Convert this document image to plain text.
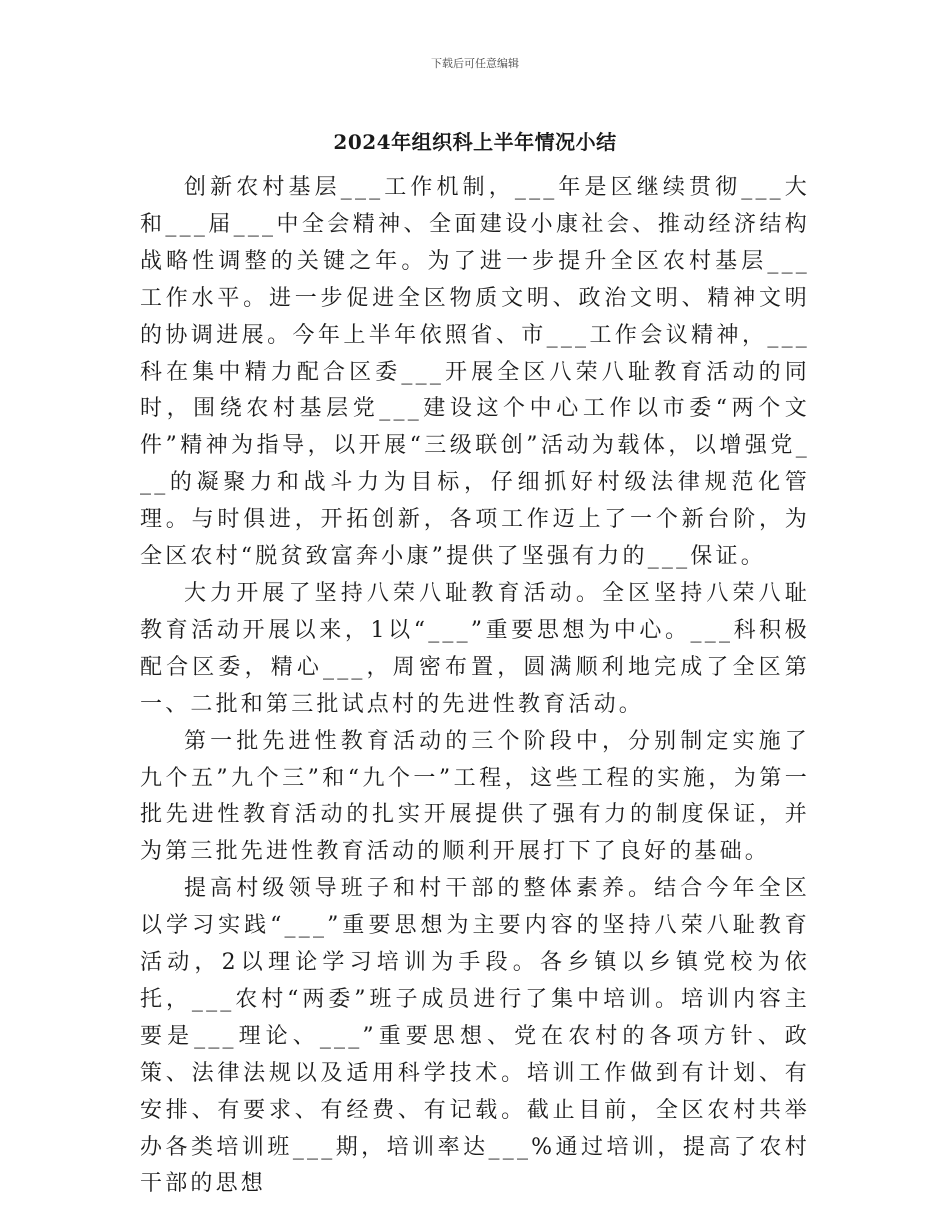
下载后可任意编辑
2024年组织科上半年情况小结

创新农村基层___工作机制，___年是区继续贯彻___大和___届___中全会精神、全面建设小康社会、推动经济结构战略性调整的关键之年。为了进一步提升全区农村基层___工作水平。进一步促进全区物质文明、政治文明、精神文明的协调进展。今年上半年依照省、市___工作会议精神，___科在集中精力配合区委___开展全区八荣八耻教育活动的同时，围绕农村基层党___建设这个中心工作以市委“两个文件”精神为指导，以开展“三级联创”活动为载体，以增强党___的凝聚力和战斗力为目标，仔细抓好村级法律规范化管理。与时俱进，开拓创新，各项工作迈上了一个新台阶，为全区农村“脱贫致富奔小康”提供了坚强有力的___保证。

大力开展了坚持八荣八耻教育活动。全区坚持八荣八耻教育活动开展以来，1以“___”重要思想为中心。___科积极配合区委，精心___，周密布置，圆满顺利地完成了全区第一、二批和第三批试点村的先进性教育活动。

第一批先进性教育活动的三个阶段中，分别制定实施了九个五”九个三”和“九个一”工程，这些工程的实施，为第一批先进性教育活动的扎实开展提供了强有力的制度保证，并为第三批先进性教育活动的顺利开展打下了良好的基础。

提高村级领导班子和村干部的整体素养。结合今年全区以学习实践“___”重要思想为主要内容的坚持八荣八耻教育活动，2以理论学习培训为手段。各乡镇以乡镇党校为依托，___农村“两委”班子成员进行了集中培训。培训内容主要是___理论、___”重要思想、党在农村的各项方针、政策、法律法规以及适用科学技术。培训工作做到有计划、有安排、有要求、有经费、有记载。截止目前，全区农村共举办各类培训班___期，培训率达___%通过培训，提高了农村干部的思想
